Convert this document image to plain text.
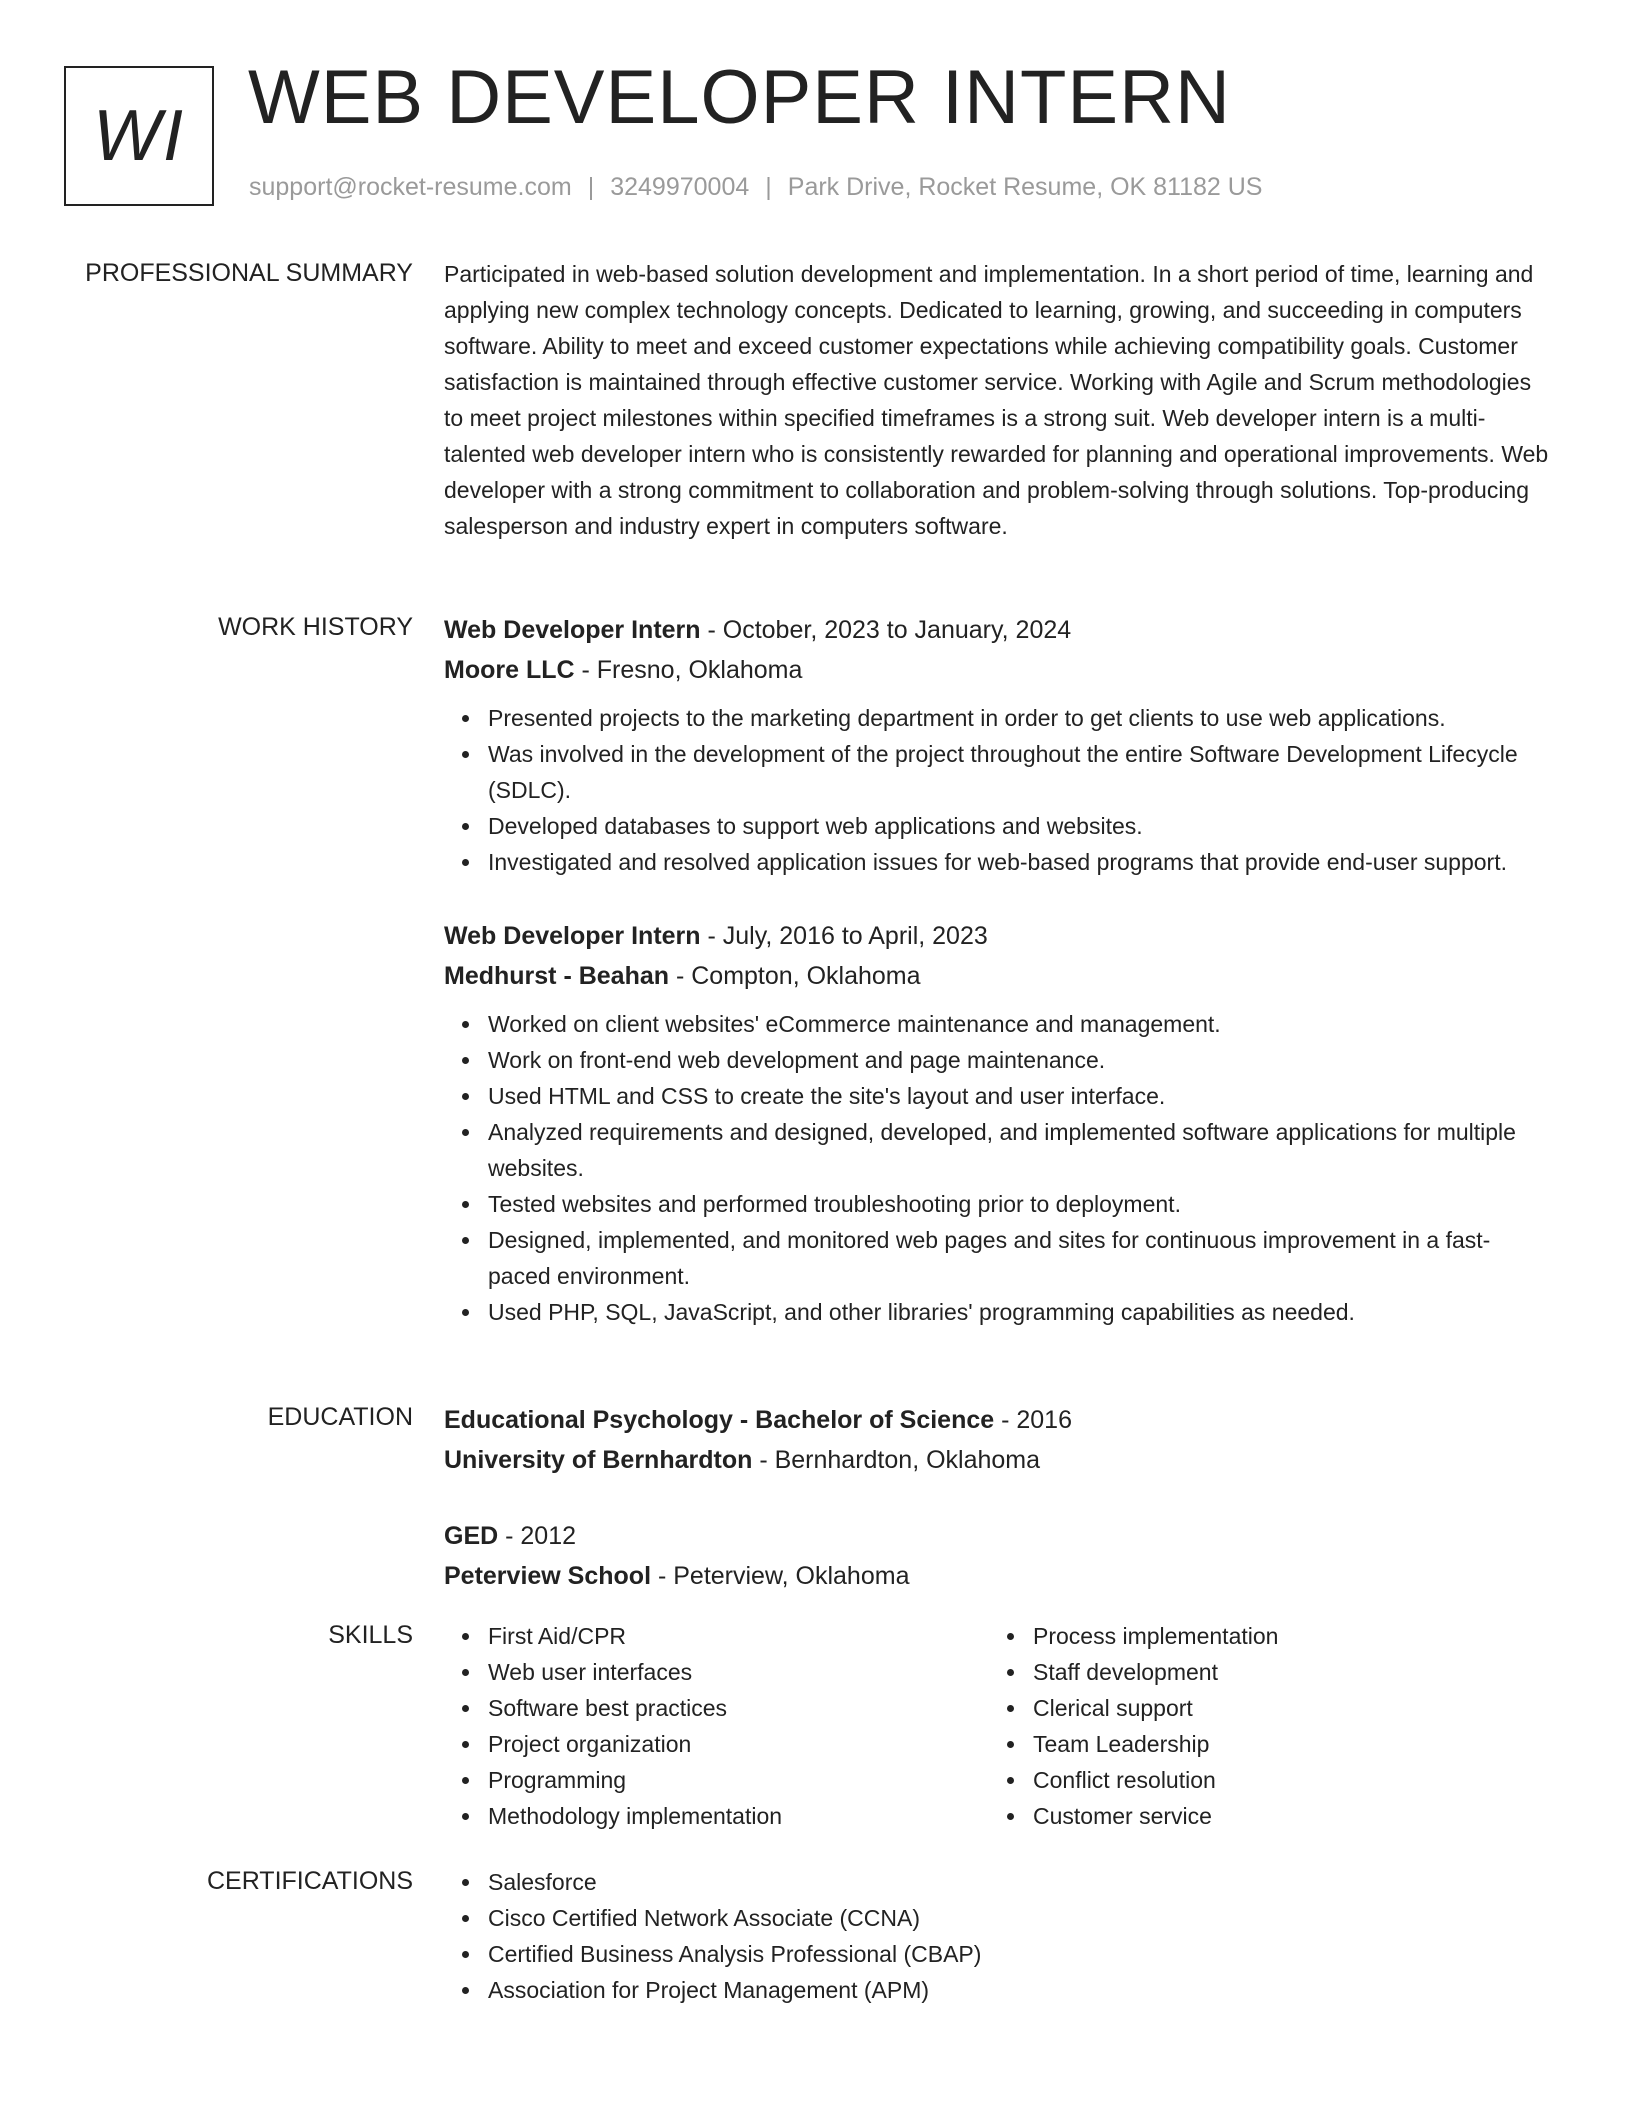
WI WEB DEVELOPER INTERN
support@rocket-resume.com | 3249970004 | Park Drive, Rocket Resume, OK 81182 US
PROFESSIONAL SUMMARY Participated in web-based solution development and implementation. In a short period of time, learning and applying new complex technology concepts. Dedicated to learning, growing, and succeeding in computers software. Ability to meet and exceed customer expectations while achieving compatibility goals. Customer satisfaction is maintained through effective customer service. Working with Agile and Scrum methodologies to meet project milestones within specified timeframes is a strong suit. Web developer intern is a multi-talented web developer intern who is consistently rewarded for planning and operational improvements. Web developer with a strong commitment to collaboration and problem-solving through solutions. Top-producing salesperson and industry expert in computers software.

WORK HISTORY Web Developer Intern - October, 2023 to January, 2024
Moore LLC - Fresno, Oklahoma
Presented projects to the marketing department in order to get clients to use web applications.
Was involved in the development of the project throughout the entire Software Development Lifecycle (SDLC).
Developed databases to support web applications and websites.
Investigated and resolved application issues for web-based programs that provide end-user support.
Web Developer Intern - July, 2016 to April, 2023
Medhurst - Beahan - Compton, Oklahoma
Worked on client websites' eCommerce maintenance and management.
Work on front-end web development and page maintenance.
Used HTML and CSS to create the site's layout and user interface.
Analyzed requirements and designed, developed, and implemented software applications for multiple websites.
Tested websites and performed troubleshooting prior to deployment.
Designed, implemented, and monitored web pages and sites for continuous improvement in a fast-paced environment.
Used PHP, SQL, JavaScript, and other libraries' programming capabilities as needed.
EDUCATION Educational Psychology - Bachelor of Science - 2016
University of Bernhardton - Bernhardton, Oklahoma
GED - 2012
Peterview School - Peterview, Oklahoma
SKILLS	First Aid/CPR
Web user interfaces
Software best practices
Project organization
Programming
Methodology implementation
Process implementation
Staff development
Clerical support
Team Leadership
Conflict resolution
Customer service
CERTIFICATIONS	Salesforce
Cisco Certified Network Associate (CCNA)
Certified Business Analysis Professional (CBAP)
Association for Project Management (APM)
